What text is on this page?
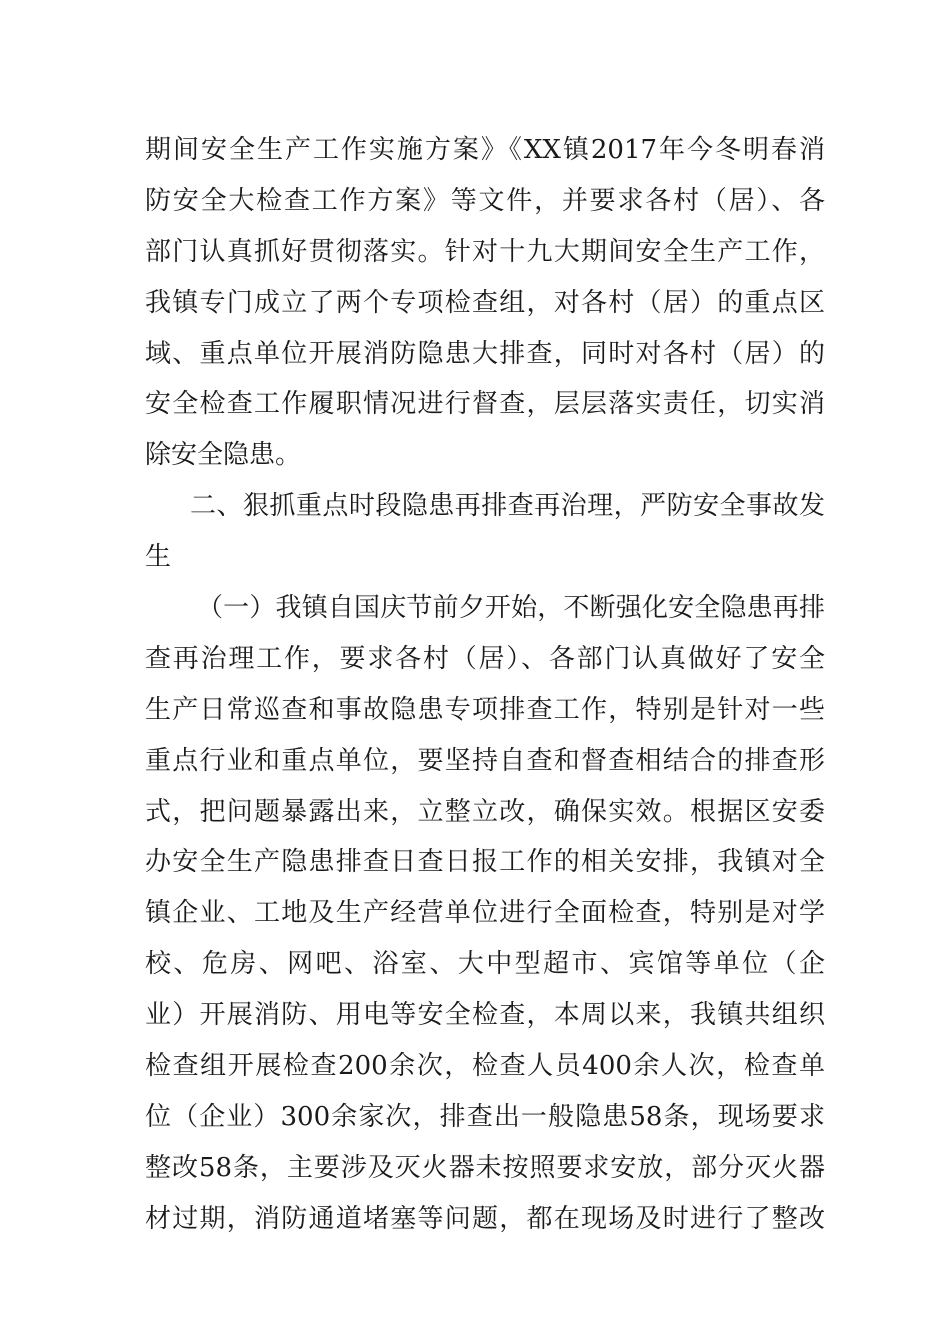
期间安全生产工作实施方案》《XX镇2017年今冬明春消
防安全大检查工作方案》等文件，并要求各村（居）、各
部门认真抓好贯彻落实。针对十九大期间安全生产工作，
我镇专门成立了两个专项检查组，对各村（居）的重点区
域、重点单位开展消防隐患大排查，同时对各村（居）的
安全检查工作履职情况进行督查，层层落实责任，切实消
除安全隐患。
二、狠抓重点时段隐患再排查再治理，严防安全事故发
生
（一）我镇自国庆节前夕开始，不断强化安全隐患再排
查再治理工作，要求各村（居）、各部门认真做好了安全
生产日常巡查和事故隐患专项排查工作，特别是针对一些
重点行业和重点单位，要坚持自查和督查相结合的排查形
式，把问题暴露出来，立整立改，确保实效。根据区安委
办安全生产隐患排查日查日报工作的相关安排，我镇对全
镇企业、工地及生产经营单位进行全面检查，特别是对学
校、危房、网吧、浴室、大中型超市、宾馆等单位（企
业）开展消防、用电等安全检查，本周以来，我镇共组织
检查组开展检查200余次，检查人员400余人次，检查单
位（企业）300余家次，排查出一般隐患58条，现场要求
整改58条，主要涉及灭火器未按照要求安放，部分灭火器
材过期，消防通道堵塞等问题，都在现场及时进行了整改
